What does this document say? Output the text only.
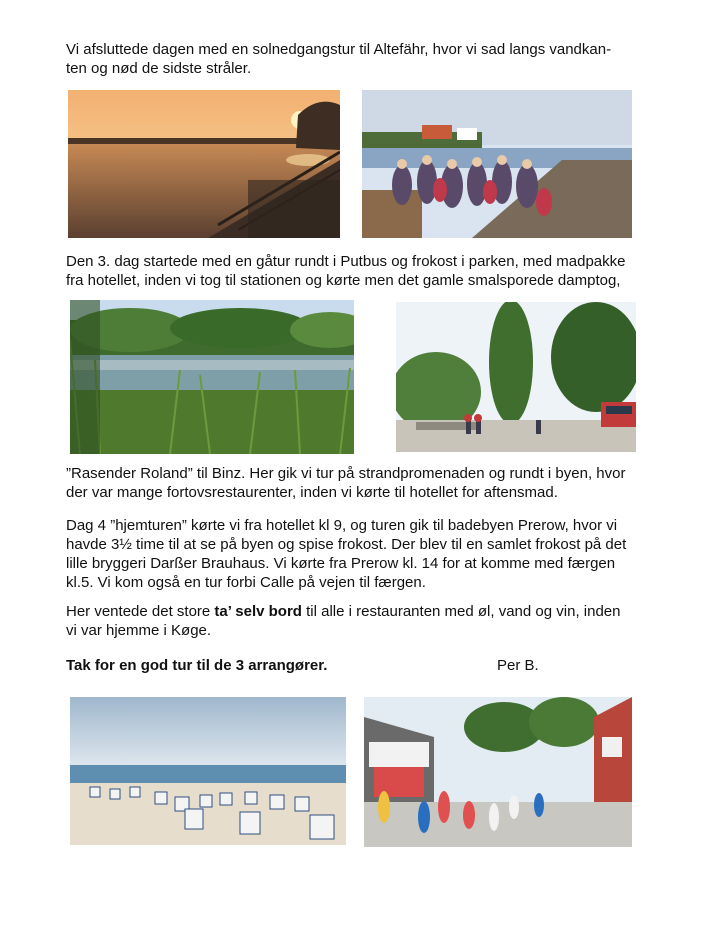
Vi afsluttede dagen med en solnedgangstur til Altefähr, hvor vi sad langs vandkan-
ten og nød de sidste stråler.
Den 3. dag startede med en gåtur rundt i Putbus og frokost i parken, med madpakke
fra hotellet, inden vi tog til stationen og kørte men det gamle smalsporede damptog,
”Rasender Roland” til Binz. Her gik vi tur på strandpromenaden og rundt i byen, hvor
der var mange fortovsrestaurenter, inden vi kørte til hotellet for aftensmad.
Dag 4 ”hjemturen” kørte vi fra hotellet kl 9, og turen gik til badebyen Prerow, hvor vi
havde 3½ time til at se på byen og spise frokost. Der blev til en samlet frokost på det
lille bryggeri Darßer Brauhaus. Vi kørte fra Prerow kl. 14 for at komme med færgen
kl.5. Vi kom også en tur forbi Calle på vejen til færgen.
Her ventede det store ta’ selv bord til alle i restauranten med øl, vand og vin, inden
vi var hjemme i Køge.
Tak for en god tur til de 3 arrangører.	Per B.
